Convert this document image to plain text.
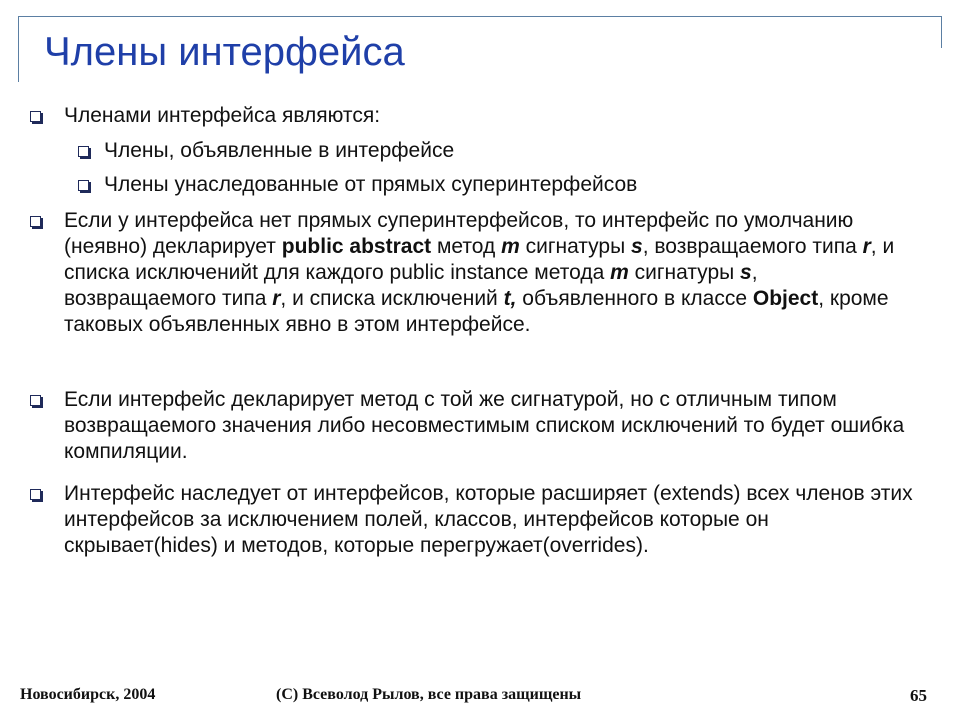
Члены интерфейса
Членами интерфейса являются:
Члены, объявленные в интерфейсе
Члены унаследованные от прямых суперинтерфейсов
Если у интерфейса нет прямых суперинтерфейсов, то интерфейс по умолчанию (неявно) декларирует public abstract метод m сигнатуры s, возвращаемого типа r, и списка исключенийt для каждого public instance метода m сигнатуры s, возвращаемого типа r, и списка исключений t, объявленного в классе Object, кроме таковых объявленных явно в этом интерфейсе.
Если интерфейс декларирует метод с той же сигнатурой, но с отличным типом возвращаемого значения либо несовместимым списком исключений то будет ошибка компиляции.
Интерфейс наследует от интерфейсов, которые расширяет (extends) всех членов этих интерфейсов за исключением полей, классов, интерфейсов которые он скрывает(hides) и методов, которые перегружает(overrides).
Новосибирск, 2004	(C) Всеволод Рылов, все права защищены	65
